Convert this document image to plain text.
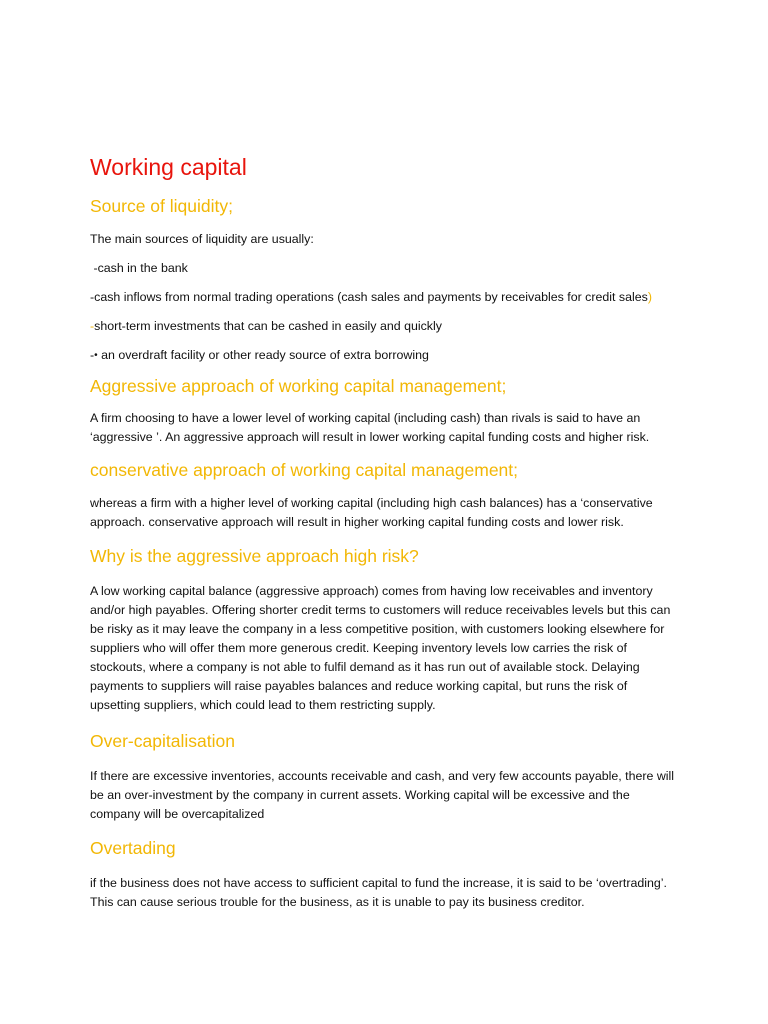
Working capital
Source of liquidity;

The main sources of liquidity are usually:

-cash in the bank

-cash inflows from normal trading operations (cash sales and payments by receivables for credit sales)

-short-term investments that can be cashed in easily and quickly

-• an overdraft facility or other ready source of extra borrowing

Aggressive approach of working capital management;

A firm choosing to have a lower level of working capital (including cash) than rivals is said to have an ‘aggressive ’. An aggressive approach will result in lower working capital funding costs and higher risk.

conservative approach of working capital management;

whereas a firm with a higher level of working capital (including high cash balances) has a ‘conservative approach. conservative approach will result in higher working capital funding costs and lower risk.

Why is the aggressive approach high risk?

A low working capital balance (aggressive approach) comes from having low receivables and inventory and/or high payables. Offering shorter credit terms to customers will reduce receivables levels but this can be risky as it may leave the company in a less competitive position, with customers looking elsewhere for suppliers who will offer them more generous credit. Keeping inventory levels low carries the risk of stockouts, where a company is not able to fulfil demand as it has run out of available stock. Delaying payments to suppliers will raise payables balances and reduce working capital, but runs the risk of upsetting suppliers, which could lead to them restricting supply.

Over-capitalisation

If there are excessive inventories, accounts receivable and cash, and very few accounts payable, there will be an over-investment by the company in current assets. Working capital will be excessive and the company will be overcapitalized

Overtading

if the business does not have access to sufficient capital to fund the increase, it is said to be ‘overtrading’. This can cause serious trouble for the business, as it is unable to pay its business creditor.
